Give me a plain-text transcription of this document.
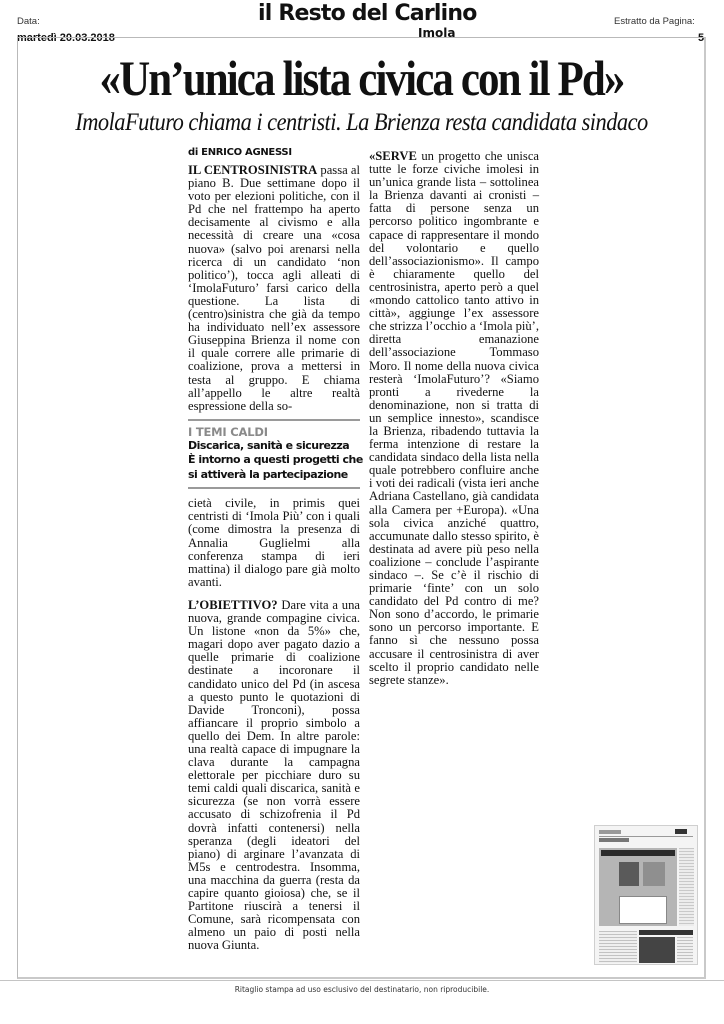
Data:
martedì 20.03.2018
il Resto del Carlino
Imola
Estratto da Pagina:
5
«Un’unica lista civica con il Pd»
ImolaFuturo chiama i centristi. La Brienza resta candidata sindaco
di ENRICO AGNESSI

IL CENTROSINISTRA passa al piano B. Due settimane dopo il voto per elezioni politiche, con il Pd che nel frattempo ha aperto decisamente al civismo e alla necessità di creare una «cosa nuova» (salvo poi arenarsi nella ricerca di un candidato ‘non politico’), tocca agli alleati di ‘ImolaFuturo’ farsi carico della questione. La lista di (centro)sinistra che già da tempo ha individuato nell’ex assessore Giuseppina Brienza il nome con il quale correre alle primarie di coalizione, prova a mettersi in testa al gruppo. E chiama all’appello le altre realtà espressione della so-

I TEMI CALDI
Discarica, sanità e sicurezza
È intorno a questi progetti che
si attiverà la partecipazione

cietà civile, in primis quei centristi di ‘Imola Più’ con i quali (come dimostra la presenza di Annalia Guglielmi alla conferenza stampa di ieri mattina) il dialogo pare già molto avanti.

L’OBIETTIVO? Dare vita a una nuova, grande compagine civica. Un listone «non da 5%» che, magari dopo aver pagato dazio a quelle primarie di coalizione destinate a incoronare il candidato unico del Pd (in ascesa a questo punto le quotazioni di Davide Tronconi), possa affiancare il proprio simbolo a quello dei Dem. In altre parole: una realtà capace di impugnare la clava durante la campagna elettorale per picchiare duro su temi caldi quali discarica, sanità e sicurezza (se non vorrà essere accusato di schizofrenia il Pd dovrà infatti contenersi) nella speranza (degli ideatori del piano) di arginare l’avanzata di M5s e centrodestra. Insomma, una macchina da guerra (resta da capire quanto gioiosa) che, se il Partitone riuscirà a tenersi il Comune, sarà ricompensata con almeno un paio di posti nella nuova Giunta.

«SERVE un progetto che unisca tutte le forze civiche imolesi in un’unica grande lista – sottolinea la Brienza davanti ai cronisti – fatta di persone senza un percorso politico ingombrante e capace di rappresentare il mondo del volontario e quello dell’associazionismo». Il campo è chiaramente quello del centrosinistra, aperto però a quel «mondo cattolico tanto attivo in città», aggiunge l’ex assessore che strizza l’occhio a ‘Imola più’, diretta emanazione dell’associazione Tommaso Moro. Il nome della nuova civica resterà ‘ImolaFuturo’? «Siamo pronti a rivederne la denominazione, non si tratta di un semplice innesto», scandisce la Brienza, ribadendo tuttavia la ferma intenzione di restare la candidata sindaco della lista nella quale potrebbero confluire anche i voti dei radicali (vista ieri anche Adriana Castellano, già candidata alla Camera per +Europa). «Una sola civica anziché quattro, accumunate dallo stesso spirito, è destinata ad avere più peso nella coalizione – conclude l’aspirante sindaco –. Se c’è il rischio di primarie ‘finte’ con un solo candidato del Pd contro di me? Non sono d’accordo, le primarie sono un percorso importante. E fanno sì che nessuno possa accusare il centrosinistra di aver scelto il proprio candidato nelle segrete stanze».

Ritaglio stampa ad uso esclusivo del destinatario, non riproducibile.
